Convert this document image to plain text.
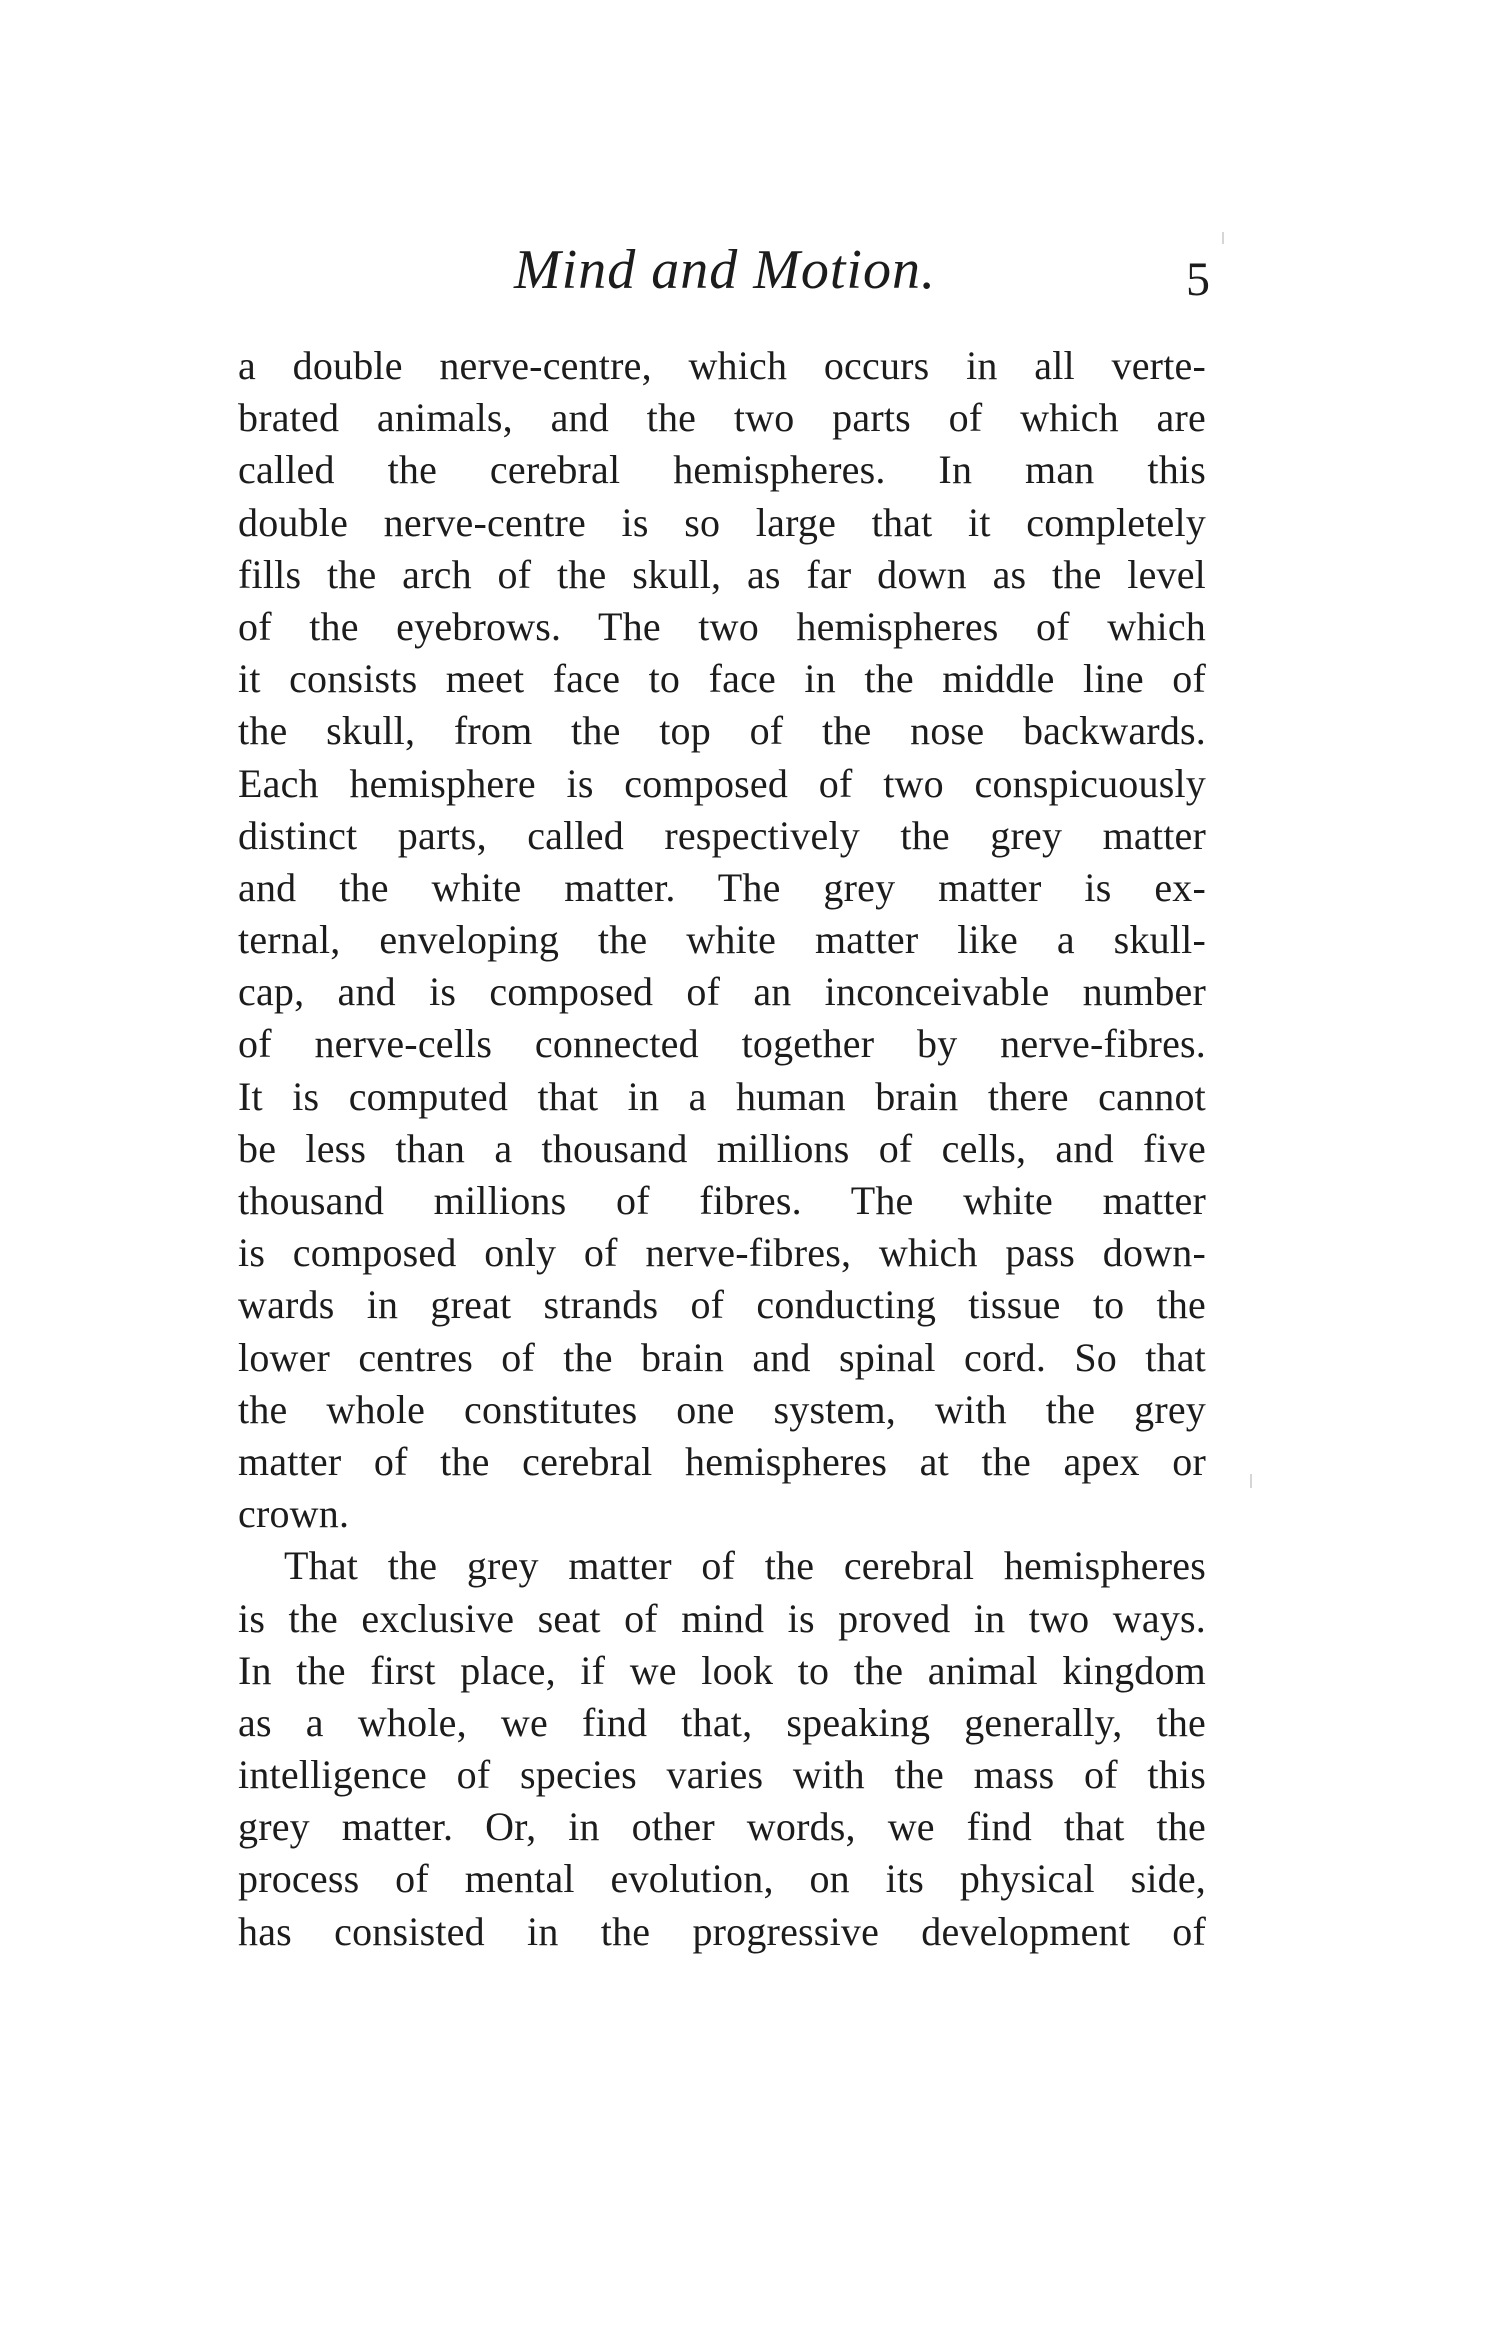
Mind and Motion.	5
a double nerve-centre, which occurs in all verte-
brated animals, and the two parts of which are
called the cerebral hemispheres. In man this
double nerve-centre is so large that it completely
fills the arch of the skull, as far down as the level
of the eyebrows. The two hemispheres of which
it consists meet face to face in the middle line of
the skull, from the top of the nose backwards.
Each hemisphere is composed of two conspicuously
distinct parts, called respectively the grey matter
and the white matter. The grey matter is ex-
ternal, enveloping the white matter like a skull-
cap, and is composed of an inconceivable number
of nerve-cells connected together by nerve-fibres.
It is computed that in a human brain there cannot
be less than a thousand millions of cells, and five
thousand millions of fibres. The white matter
is composed only of nerve-fibres, which pass down-
wards in great strands of conducting tissue to the
lower centres of the brain and spinal cord. So that
the whole constitutes one system, with the grey
matter of the cerebral hemispheres at the apex or
crown.
That the grey matter of the cerebral hemispheres
is the exclusive seat of mind is proved in two ways.
In the first place, if we look to the animal kingdom
as a whole, we find that, speaking generally, the
intelligence of species varies with the mass of this
grey matter. Or, in other words, we find that the
process of mental evolution, on its physical side,
has consisted in the progressive development of
